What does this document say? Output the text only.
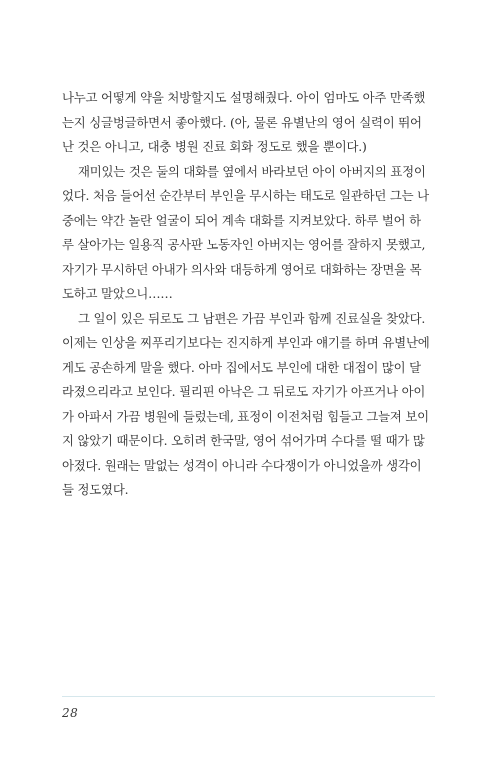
나누고 어떻게 약을 처방할지도 설명해줬다. 아이 엄마도 아주 만족했
는지 싱글벙글하면서 좋아했다. (아, 물론 유별난의 영어 실력이 뛰어
난 것은 아니고, 대충 병원 진료 회화 정도로 했을 뿐이다.)
재미있는 것은 둘의 대화를 옆에서 바라보던 아이 아버지의 표정이
었다. 처음 들어선 순간부터 부인을 무시하는 태도로 일관하던 그는 나
중에는 약간 놀란 얼굴이 되어 계속 대화를 지켜보았다. 하루 벌어 하
루 살아가는 일용직 공사판 노동자인 아버지는 영어를 잘하지 못했고,
자기가 무시하던 아내가 의사와 대등하게 영어로 대화하는 장면을 목
도하고 말았으니……
그 일이 있은 뒤로도 그 남편은 가끔 부인과 함께 진료실을 찾았다.
이제는 인상을 찌푸리기보다는 진지하게 부인과 얘기를 하며 유별난에
게도 공손하게 말을 했다. 아마 집에서도 부인에 대한 대접이 많이 달
라졌으리라고 보인다. 필리핀 아낙은 그 뒤로도 자기가 아프거나 아이
가 아파서 가끔 병원에 들렀는데, 표정이 이전처럼 힘들고 그늘져 보이
지 않았기 때문이다. 오히려 한국말, 영어 섞어가며 수다를 떨 때가 많
아졌다. 원래는 말없는 성격이 아니라 수다쟁이가 아니었을까 생각이
들 정도였다.
28
